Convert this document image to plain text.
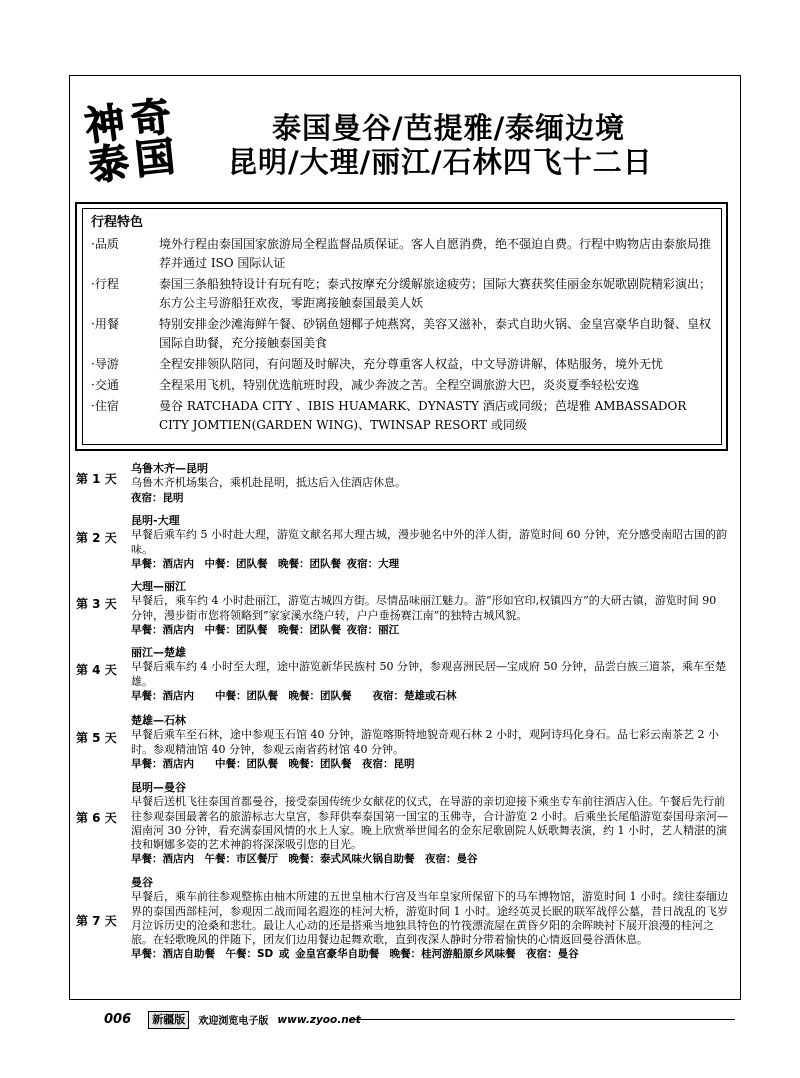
神 奇
泰 国
泰国曼谷/芭提雅/泰缅边境
昆明/大理/丽江/石林四飞十二日
行程特色
·品质	境外行程由泰国国家旅游局全程监督品质保证。客人自愿消费，绝不强迫自费。行程中购物店由泰旅局推荐并通过 ISO 国际认证
·行程	泰国三条船独特设计有玩有吃；泰式按摩充分缓解旅途疲劳；国际大赛获奖佳丽金东妮歌剧院精彩演出；东方公主号游船狂欢夜，零距离接触泰国最美人妖
·用餐	特别安排金沙滩海鲜午餐、砂锅鱼翅椰子炖燕窝，美容又滋补，泰式自助火锅、金皇宫豪华自助餐、皇权国际自助餐，充分接触泰国美食
·导游	全程安排领队陪同，有问题及时解决，充分尊重客人权益，中文导游讲解，体贴服务，境外无忧
·交通	全程采用飞机，特别优选航班时段，减少奔波之苦。全程空调旅游大巴，炎炎夏季轻松安逸
·住宿	曼谷 RATCHADA CITY 、IBIS HUAMARK、DYNASTY 酒店或同级；芭堤雅 AMBASSADOR CITY JOMTIEN(GARDEN WING)、TWINSAP RESORT 或同级
第 1 天
乌鲁木齐—昆明
乌鲁木齐机场集合，乘机赴昆明，抵达后入住酒店休息。
夜宿：昆明
第 2 天
昆明-大理
早餐后乘车约 5 小时赴大理，游览文献名邦大理古城，漫步驰名中外的洋人街，游览时间 60 分钟，充分感受南昭古国的韵味。
早餐：酒店内　中餐：团队餐　晚餐：团队餐 夜宿：大理
第 3 天
大理—丽江
早餐后，乘车约 4 小时赴丽江，游览古城四方街。尽情品味丽江魅力。游“形如官印,权镇四方”的大研古镇，游览时间 90 分钟，漫步街市您将领略到”家家溪水绕户转，户户垂扬赛江南”的独特古城风貌。
早餐：酒店内　中餐：团队餐　晚餐：团队餐 夜宿：丽江
第 4 天
丽江—楚雄
早餐后乘车约 4 小时至大理，途中游览新华民族村 50 分钟，参观喜洲民居—宝成府 50 分钟，品尝白族三道茶，乘车至楚雄。
早餐：酒店内　　中餐：团队餐　晚餐：团队餐　　夜宿：楚雄或石林
第 5 天
楚雄—石林
早餐后乘车至石林，途中参观玉石馆 40 分钟，游览喀斯特地貌奇观石林 2 小时，观阿诗玛化身石。品七彩云南茶艺 2 小时。参观精油馆 40 分钟，参观云南省药材馆 40 分钟。
早餐：酒店内　　中餐：团队餐　晚餐：团队餐　夜宿：昆明
第 6 天
昆明—曼谷
早餐后送机飞往泰国首都曼谷，接受泰国传统少女献花的仪式，在导游的亲切迎接下乘坐专车前往酒店入住。午餐后先行前往参观泰国最著名的旅游标志大皇宫，参拜供奉泰国第一国宝的玉佛寺，合计游览 2 小时。后乘坐长尾船游览泰国母亲河—湄南河 30 分钟，看充满泰国风情的水上人家。晚上欣赏举世闻名的金东尼歌剧院人妖歌舞表演，约 1 小时，艺人精湛的演技和婀娜多姿的艺术神韵将深深吸引您的目光。
早餐：酒店内　午餐：市区餐厅　晚餐：泰式风味火锅自助餐　夜宿：曼谷
第 7 天
曼谷
早餐后，乘车前往参观整栋由柚木所建的五世皇柚木行宫及当年皇家所保留下的马车博物馆，游览时间 1 小时。续往泰缅边界的泰国西部桂河，参观因二战而闻名遐迩的桂河大桥，游览时间 1 小时。途经英灵长眠的联军战俘公墓，昔日战乱的飞岁月泣诉历史的沧桑和悲壮。最让人心动的还是搭乘当地独具特色的竹筏漂流屋在黄昏夕阳的余晖映衬下展开浪漫的桂河之旅。在轻歌晚风的伴随下，团友们边用餐边起舞欢歌，直到夜深人静时分带着愉快的心情返回曼谷酒休息。
早餐：酒店自助餐　午餐：SD 或 金皇宫豪华自助餐　晚餐：桂河游船原乡风味餐　夜宿：曼谷
006 新疆版 欢迎浏览电子版 www.zyoo.net
